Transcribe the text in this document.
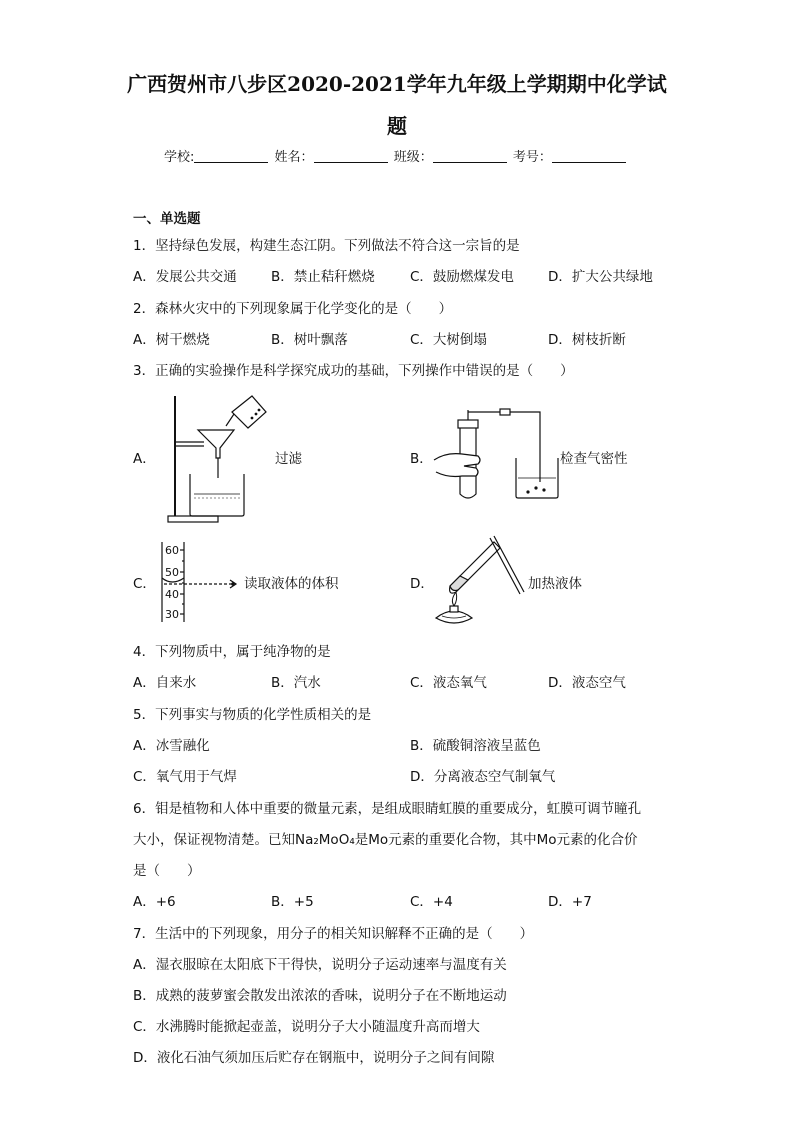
广西贺州市八步区2020-2021学年九年级上学期期中化学试
题
学校:	姓名：	班级：	考号：
一、单选题
1．坚持绿色发展，构建生态江阴。下列做法不符合这一宗旨的是
A．发展公共交通	B．禁止秸秆燃烧	C．鼓励燃煤发电	D．扩大公共绿地
2．森林火灾中的下列现象属于化学变化的是（　　）
A．树干燃烧	B．树叶飘落	C．大树倒塌	D．树枝折断
3．正确的实验操作是科学探究成功的基础，下列操作中错误的是（　　）
A．	过滤	B．	检查气密性
C．
60
50
40
30
读取液体的体积	D．	加热液体
4．下列物质中，属于纯净物的是
A．自来水	B．汽水	C．液态氧气	D．液态空气
5．下列事实与物质的化学性质相关的是
A．冰雪融化	B．硫酸铜溶液呈蓝色
C．氧气用于气焊	D．分离液态空气制氧气
6．钼是植物和人体中重要的微量元素，是组成眼睛虹膜的重要成分，虹膜可调节瞳孔
大小，保证视物清楚。已知Na₂MoO₄是Mo元素的重要化合物，其中Mo元素的化合价
是（　　）
A．+6	B．+5	C．+4	D．+7
7．生活中的下列现象，用分子的相关知识解释不正确的是（　　）
A．湿衣服晾在太阳底下干得快，说明分子运动速率与温度有关
B．成熟的菠萝蜜会散发出浓浓的香味，说明分子在不断地运动
C．水沸腾时能掀起壶盖，说明分子大小随温度升高而增大
D．液化石油气须加压后贮存在钢瓶中，说明分子之间有间隙
